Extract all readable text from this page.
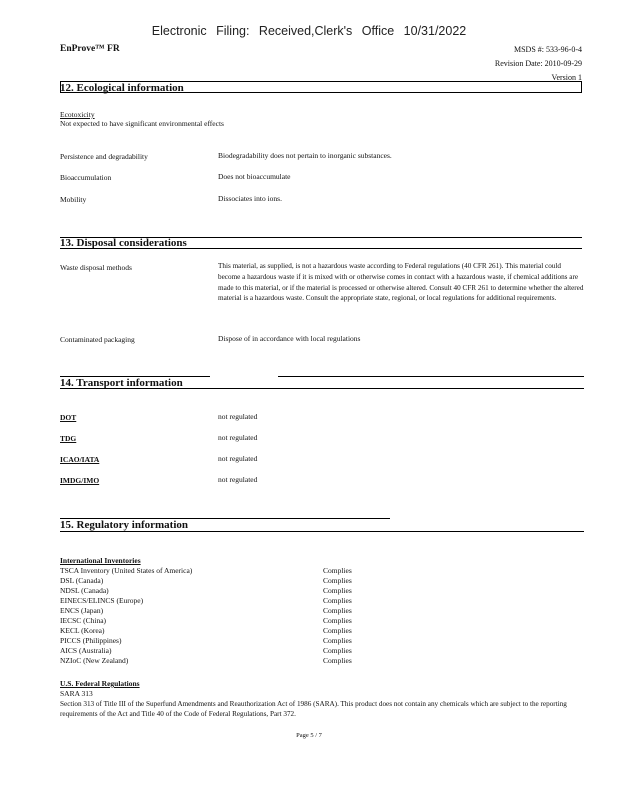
Electronic Filing: Received,Clerk's Office 10/31/2022
EnProve™ FR	MSDS #: 533-96-0-4
Revision Date: 2010-09-29
Version 1
12. Ecological information
Ecotoxicity
Not expected to have significant environmental effects
Persistence and degradability	Biodegradability does not pertain to inorganic substances.
Bioaccumulation	Does not bioaccumulate
Mobility	Dissociates into ions.
13. Disposal considerations
Waste disposal methods	This material, as supplied, is not a hazardous waste according to Federal regulations (40 CFR 261). This material could become a hazardous waste if it is mixed with or otherwise comes in contact with a hazardous waste, if chemical additions are made to this material, or if the material is processed or otherwise altered. Consult 40 CFR 261 to determine whether the altered material is a hazardous waste. Consult the appropriate state, regional, or local regulations for additional requirements.
Contaminated packaging	Dispose of in accordance with local regulations
14. Transport information
DOT	not regulated
TDG	not regulated
ICAO/IATA	not regulated
IMDG/IMO	not regulated
15. Regulatory information
International Inventories
TSCA Inventory (United States of America)	Complies
DSL (Canada)	Complies
NDSL (Canada)	Complies
EINECS/ELINCS (Europe)	Complies
ENCS (Japan)	Complies
IECSC (China)	Complies
KECL (Korea)	Complies
PICCS (Philippines)	Complies
AICS (Australia)	Complies
NZIoC (New Zealand)	Complies
U.S. Federal Regulations
SARA 313
Section 313 of Title III of the Superfund Amendments and Reauthorization Act of 1986 (SARA). This product does not contain any chemicals which are subject to the reporting requirements of the Act and Title 40 of the Code of Federal Regulations, Part 372.
Page 5 / 7
